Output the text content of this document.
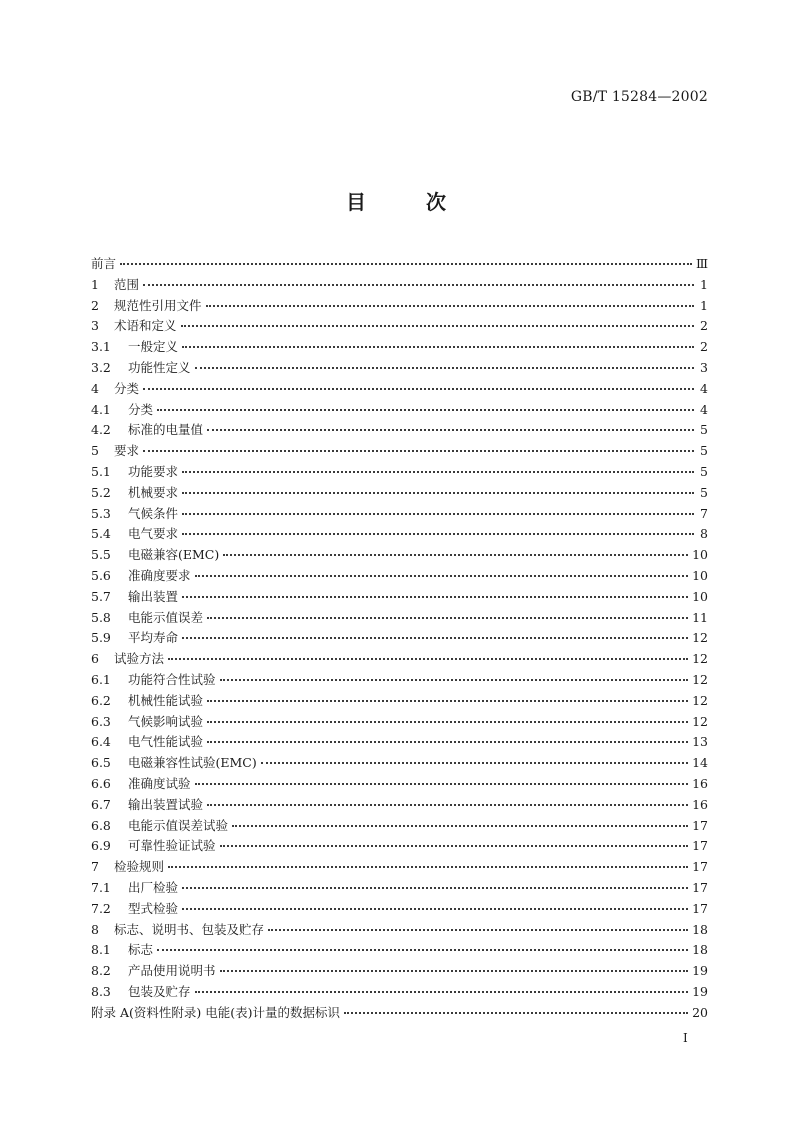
GB/T 15284—2002
目	次
前言	Ⅲ
1	范围	1
2	规范性引用文件	1
3	术语和定义	2
3.1	一般定义	2
3.2	功能性定义	3
4	分类	4
4.1	分类	4
4.2	标准的电量值	5
5	要求	5
5.1	功能要求	5
5.2	机械要求	5
5.3	气候条件	7
5.4	电气要求	8
5.5	电磁兼容(EMC)	10
5.6	准确度要求	10
5.7	输出装置	10
5.8	电能示值误差	11
5.9	平均寿命	12
6	试验方法	12
6.1	功能符合性试验	12
6.2	机械性能试验	12
6.3	气候影响试验	12
6.4	电气性能试验	13
6.5	电磁兼容性试验(EMC)	14
6.6	准确度试验	16
6.7	输出装置试验	16
6.8	电能示值误差试验	17
6.9	可靠性验证试验	17
7	检验规则	17
7.1	出厂检验	17
7.2	型式检验	17
8	标志、说明书、包装及贮存	18
8.1	标志	18
8.2	产品使用说明书	19
8.3	包装及贮存	19
附录 A(资料性附录) 电能(表)计量的数据标识	20
I
